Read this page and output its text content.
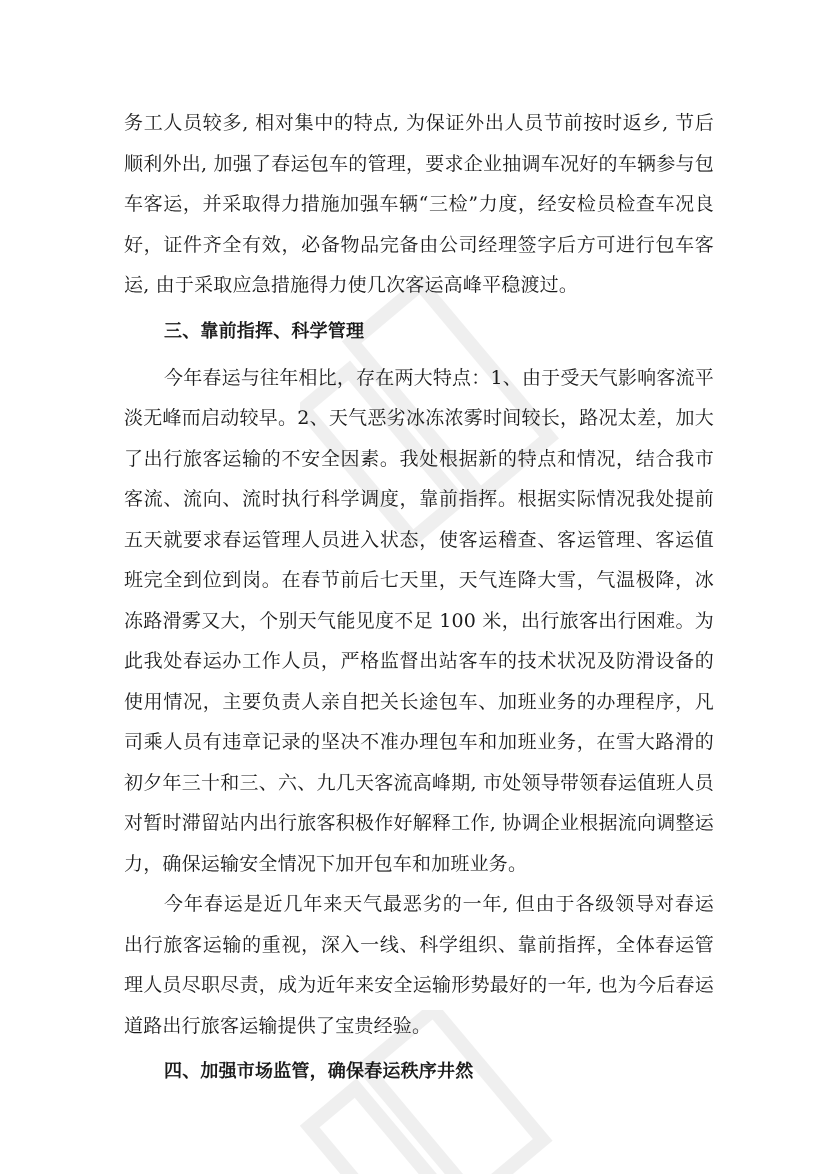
务工人员较多, 相对集中的特点, 为保证外出人员节前按时返乡, 节后顺利外出, 加强了春运包车的管理，要求企业抽调车况好的车辆参与包车客运，并采取得力措施加强车辆“三检”力度，经安检员检查车况良好，证件齐全有效，必备物品完备由公司经理签字后方可进行包车客运, 由于采取应急措施得力使几次客运高峰平稳渡过。

三、靠前指挥、科学管理

今年春运与往年相比，存在两大特点：1、由于受天气影响客流平淡无峰而启动较早。2、天气恶劣冰冻浓雾时间较长，路况太差，加大了出行旅客运输的不安全因素。我处根据新的特点和情况，结合我市客流、流向、流时执行科学调度，靠前指挥。根据实际情况我处提前五天就要求春运管理人员进入状态，使客运稽查、客运管理、客运值班完全到位到岗。在春节前后七天里，天气连降大雪，气温极降，冰冻路滑雾又大，个别天气能见度不足 100 米，出行旅客出行困难。为此我处春运办工作人员，严格监督出站客车的技术状况及防滑设备的使用情况，主要负责人亲自把关长途包车、加班业务的办理程序，凡司乘人员有违章记录的坚决不准办理包车和加班业务，在雪大路滑的初夕年三十和三、六、九几天客流高峰期, 市处领导带领春运值班人员对暂时滞留站内出行旅客积极作好解释工作, 协调企业根据流向调整运力，确保运输安全情况下加开包车和加班业务。

今年春运是近几年来天气最恶劣的一年, 但由于各级领导对春运出行旅客运输的重视，深入一线、科学组织、靠前指挥，全体春运管理人员尽职尽责，成为近年来安全运输形势最好的一年, 也为今后春运道路出行旅客运输提供了宝贵经验。

四、加强市场监管，确保春运秩序井然
